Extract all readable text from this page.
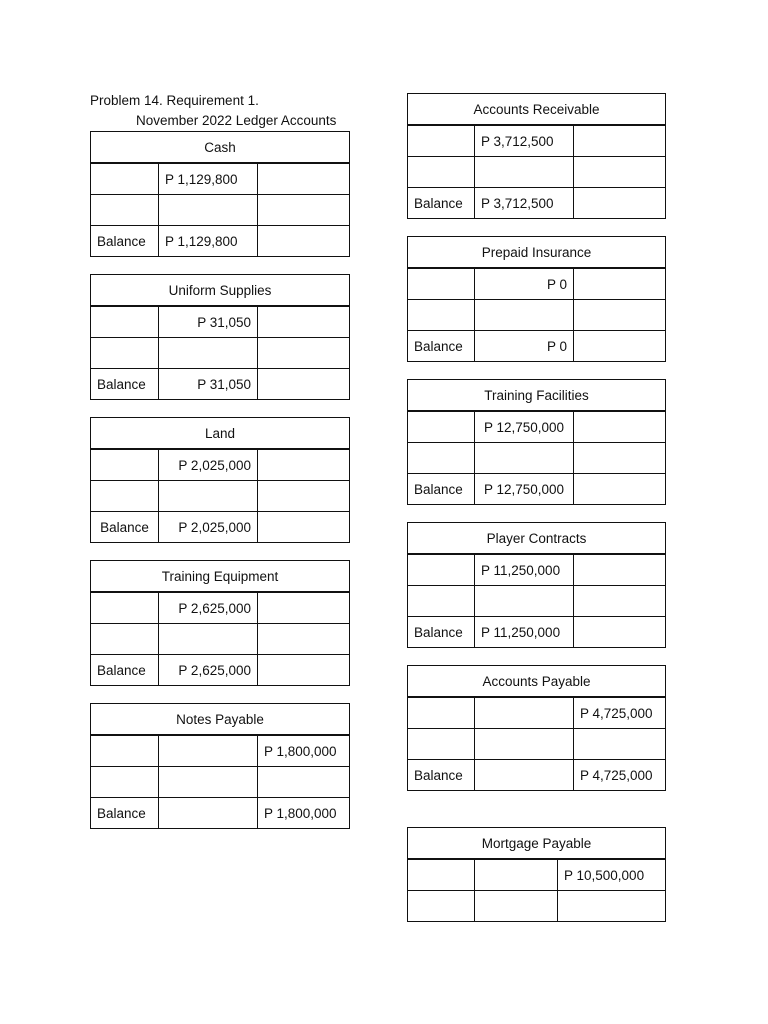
Problem 14. Requirement 1.
November 2022 Ledger Accounts
Cash		
	P 1,129,800	

Balance	P 1,129,800	
Uniform Supplies		
	P 31,050	

Balance	P 31,050	
Land		
	P 2,025,000	

Balance	P 2,025,000	
Training Equipment		
	P 2,625,000	

Balance	P 2,625,000	
Notes Payable		
		P 1,800,000

Balance		P 1,800,000
Accounts Receivable		
	P 3,712,500	

Balance	P 3,712,500	
Prepaid Insurance		
	P 0	

Balance	P 0	
Training Facilities		
	P 12,750,000	

Balance	P 12,750,000	
Player Contracts		
	P 11,250,000	

Balance	P 11,250,000	
Accounts Payable		
		P 4,725,000

Balance		P 4,725,000
Mortgage Payable		
		P 10,500,000
